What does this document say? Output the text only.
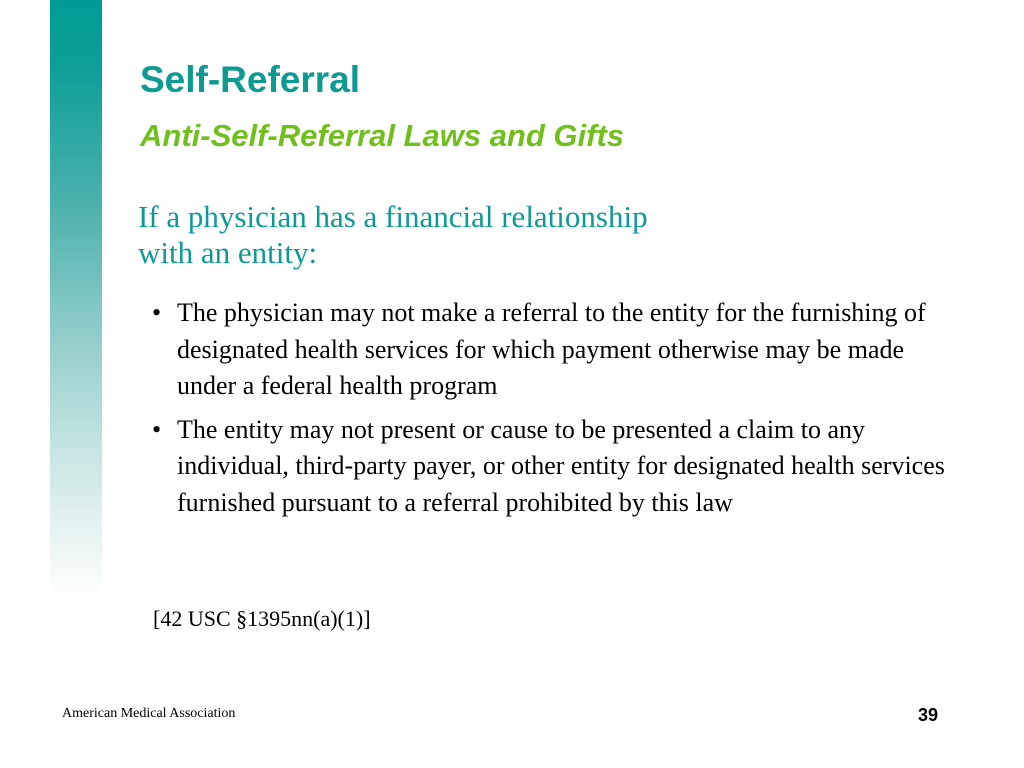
Self-Referral
Anti-Self-Referral Laws and Gifts

If a physician has a financial relationship
with an entity:

• The physician may not make a referral to the entity for the furnishing of designated health services for which payment otherwise may be made under a federal health program
• The entity may not present or cause to be presented a claim to any individual, third-party payer, or other entity for designated health services furnished pursuant to a referral prohibited by this law

[42 USC §1395nn(a)(1)]

American Medical Association	39
